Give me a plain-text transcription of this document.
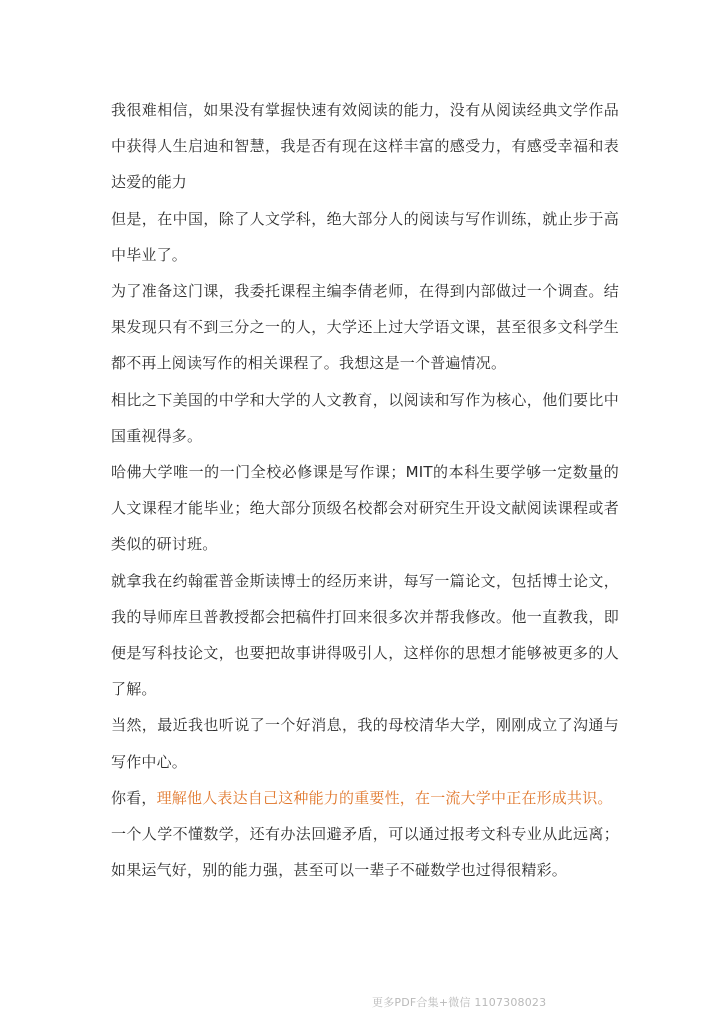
我很难相信，如果没有掌握快速有效阅读的能力，没有从阅读经典文学作品中获得人生启迪和智慧，我是否有现在这样丰富的感受力，有感受幸福和表达爱的能力

但是，在中国，除了人文学科，绝大部分人的阅读与写作训练，就止步于高中毕业了。

为了准备这门课，我委托课程主编李倩老师，在得到内部做过一个调查。结果发现只有不到三分之一的人，大学还上过大学语文课，甚至很多文科学生都不再上阅读写作的相关课程了。我想这是一个普遍情况。

相比之下美国的中学和大学的人文教育，以阅读和写作为核心，他们要比中国重视得多。

哈佛大学唯一的一门全校必修课是写作课；MIT的本科生要学够一定数量的人文课程才能毕业；绝大部分顶级名校都会对研究生开设文献阅读课程或者类似的研讨班。

就拿我在约翰霍普金斯读博士的经历来讲，每写一篇论文，包括博士论文，我的导师库旦普教授都会把稿件打回来很多次并帮我修改。他一直教我，即便是写科技论文，也要把故事讲得吸引人，这样你的思想才能够被更多的人了解。

当然，最近我也听说了一个好消息，我的母校清华大学，刚刚成立了沟通与写作中心。

你看，理解他人表达自己这种能力的重要性，在一流大学中正在形成共识。

一个人学不懂数学，还有办法回避矛盾，可以通过报考文科专业从此远离；如果运气好，别的能力强，甚至可以一辈子不碰数学也过得很精彩。

更多PDF合集+微信 1107308023
